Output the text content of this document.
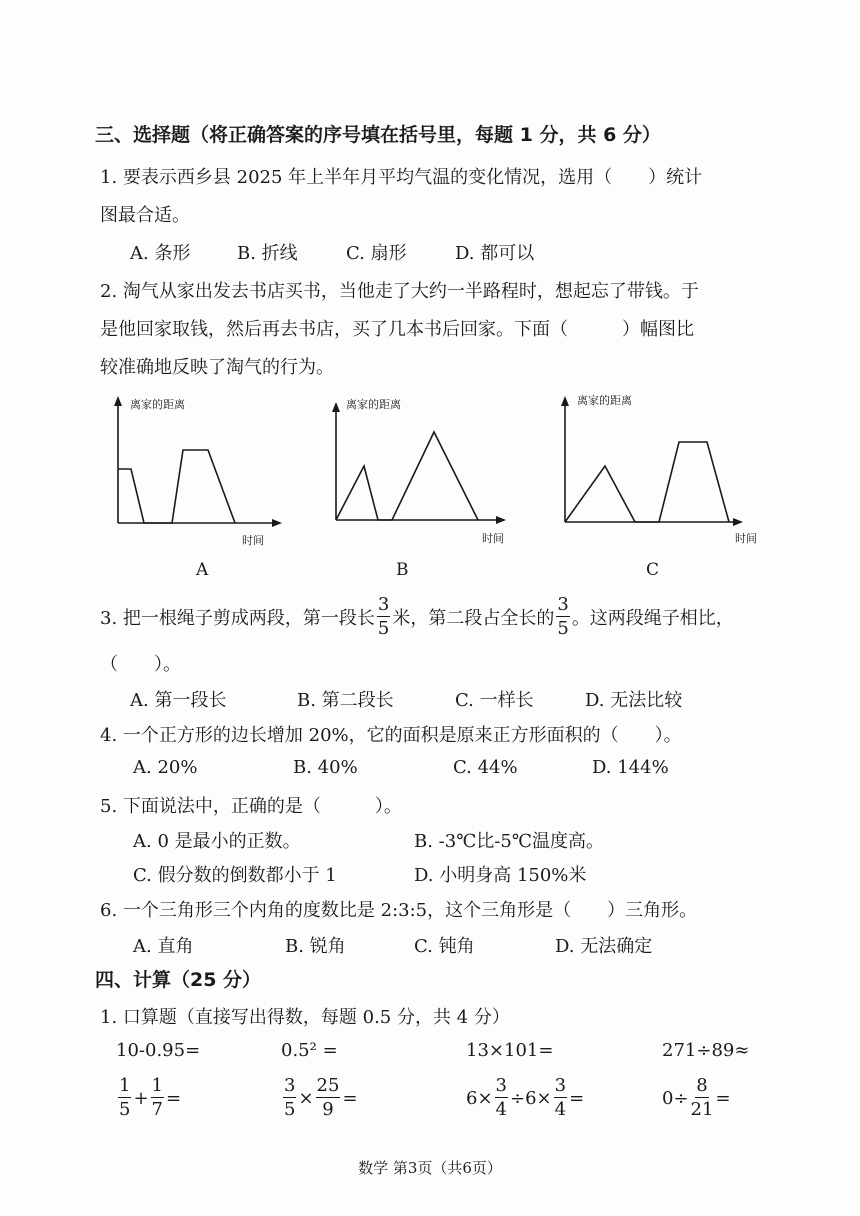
三、选择题（将正确答案的序号填在括号里，每题 1 分，共 6 分）
1. 要表示西乡县 2025 年上半年月平均气温的变化情况，选用（　　）统计
图最合适。
A. 条形	B. 折线	C. 扇形	D. 都可以
2. 淘气从家出发去书店买书，当他走了大约一半路程时，想起忘了带钱。于
是他回家取钱，然后再去书店，买了几本书后回家。下面（　　　）幅图比
较准确地反映了淘气的行为。
离家的距离
时间
A
离家的距离
时间
B
离家的距离
时间
C
3. 把一根绳子剪成两段，第一段长 $\frac{3}{5}$ 米，第二段占全长的 $\frac{3}{5}$ 。这两段绳子相比，
（　　）。
A. 第一段长	B. 第二段长	C. 一样长	D. 无法比较
4. 一个正方形的边长增加 20%，它的面积是原来正方形面积的（　　）。
A. 20%	B. 40%	C. 44%	D. 144%
5. 下面说法中，正确的是（　　　）。
A. 0 是最小的正数。	B. -3℃比-5℃温度高。
C. 假分数的倒数都小于 1	D. 小明身高 150%米
6. 一个三角形三个内角的度数比是 2:3:5，这个三角形是（　　）三角形。
A. 直角	B. 锐角	C. 钝角	D. 无法确定
四、计算（25 分）
1. 口算题（直接写出得数，每题 0.5 分，共 4 分）
10-0.95=	0.5² =	13×101=	271÷89≈
$\frac{1}{5} + \frac{1}{7}$ =	$\frac{3}{5} \times \frac{25}{9}$ =	$6\times \frac{3}{4} \div 6\times \frac{3}{4}$ =	$0\div \frac{8}{21}$ =
数学 第3页（共6页）
